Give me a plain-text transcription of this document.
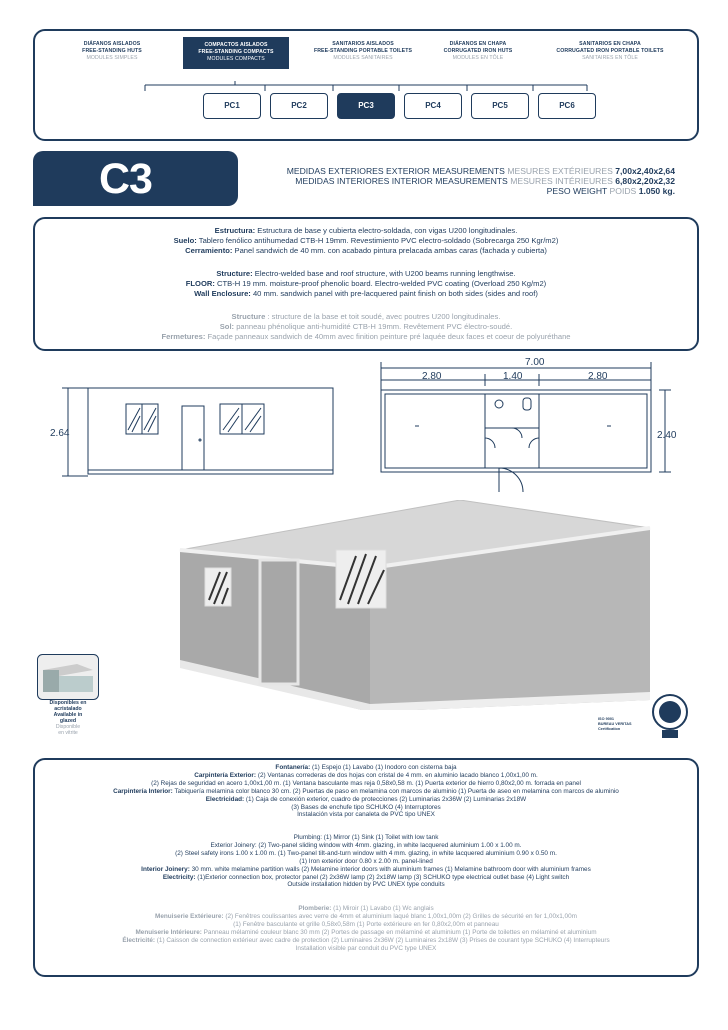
DIÁFANOS AISLADOS
FREE-STANDING HUTS
MODULES SIMPLES
COMPACTOS AISLADOS
FREE-STANDING COMPACTS
MODULES COMPACTS
SANITARIOS AISLADOS
FREE-STANDING PORTABLE TOILETS
MODULES SANITAIRES
DIÁFANOS EN CHAPA
CORRUGATED IRON HUTS
MODULES EN TÔLE
SANITARIOS EN CHAPA
CORRUGATED IRON PORTABLE TOILETS
SANITAIRES EN TÔLE
PC1	PC2	PC3	PC4	PC5	PC6
C3	MEDIDAS EXTERIORES EXTERIOR MEASUREMENTS MESURES EXTÉRIEURES 7,00x2,40x2,64
MEDIDAS INTERIORES INTERIOR MEASUREMENTS MESURES INTÉRIEURES 6,80x2,20x2,32
PESO WEIGHT POIDS 1.050 kg.
Estructura: Estructura de base y cubierta electro-soldada, con vigas U200 longitudinales.
Suelo: Tablero fenólico antihumedad CTB-H 19mm. Revestimiento PVC electro-soldado (Sobrecarga 250 Kgr/m2)
Cerramiento: Panel sandwich de 40 mm. con acabado pintura prelacada ambas caras (fachada y cubierta)
Structure: Electro-welded base and roof structure, with U200 beams running lengthwise.
FLOOR: CTB-H 19 mm. moisture-proof phenolic board. Electro-welded PVC coating (Overload 250 Kg/m2)
Wall Enclosure: 40 mm. sandwich panel with pre-lacquered paint finish on both sides (sides and roof)
Structure : structure de la base et toit soudé, avec poutres U200 longitudinales.
Sol: panneau phénolique anti-humidité CTB-H 19mm. Revêtement PVC électro-soudé.
Fermetures: Façade panneaux sandwich de 40mm avec finition peinture pré laquée deux faces et coeur de polyuréthane
2.64
7.00
2.80	1.40	2.80
2.40
Disponibles en
acristalado
Available in
glazed
Disponible
en vitrite
ISO 9001
BUREAU VERITAS
Certification
Fontanería: (1) Espejo (1) Lavabo (1) Inodoro con cisterna baja
Carpintería Exterior: (2) Ventanas correderas de dos hojas con cristal de 4 mm. en aluminio lacado blanco 1,00x1,00 m.
(2) Rejas de seguridad en acero 1,00x1,00 m. (1) Ventana basculante mas reja 0,58x0,58 m. (1) Puerta exterior de hierro 0,80x2,00 m. forrada en panel
Carpintería Interior: Tabiquería melamina color blanco 30 cm. (2) Puertas de paso en melamina con marcos de aluminio (1) Puerta de aseo en melamina con marcos de aluminio
Electricidad: (1) Caja de conexión exterior, cuadro de protecciones (2) Luminarias 2x36W (2) Luminarias 2x18W
(3) Bases de enchufe tipo SCHUKO (4) Interruptores
Instalación vista por canaleta de PVC tipo UNEX
Plumbing: (1) Mirror (1) Sink (1) Toilet with low tank
Exterior Joinery: (2) Two-panel sliding window with 4mm. glazing, in white lacquered aluminium 1.00 x 1.00 m.
(2) Steel safety irons 1.00 x 1.00 m. (1) Two-panel tilt-and-turn window with 4 mm. glazing, in white lacquered aluminium 0.90 x 0.50 m.
(1) Iron exterior door 0.80 x 2.00 m. panel-lined
Interior Joinery: 30 mm. white melamine partition walls (2) Melamine interior doors with aluminium frames (1) Melamine bathroom door with aluminium frames
Electricity: (1)Exterior connection box, protector panel (2) 2x36W lamp (2) 2x18W lamp (3) SCHUKO type electrical outlet base (4) Light switch
Outside installation hidden by PVC UNEX type conduits
Plomberie: (1) Miroir (1) Lavabo (1) Wc anglais
Menuiserie Extérieure: (2) Fenêtres coulissantes avec verre de 4mm et aluminium laqué blanc 1,00x1,00m (2) Grilles de sécurité en fer 1,00x1,00m
(1) Fenêtre basculante et grille 0,58x0,58m (1) Porte extérieure en fer 0,80x2,00m et panneau
Menuiserie Intérieure: Panneau mélaminé couleur blanc 30 mm (2) Portes de passage en mélaminé et aluminium (1) Porte de toilettes en mélaminé et aluminium
Électricité: (1) Caisson de connection extérieur avec cadre de protection (2) Luminaires 2x36W (2) Luminaires 2x18W (3) Prises de courant type SCHUKO (4) Interrupteurs
Installation visible par conduit du PVC type UNEX
